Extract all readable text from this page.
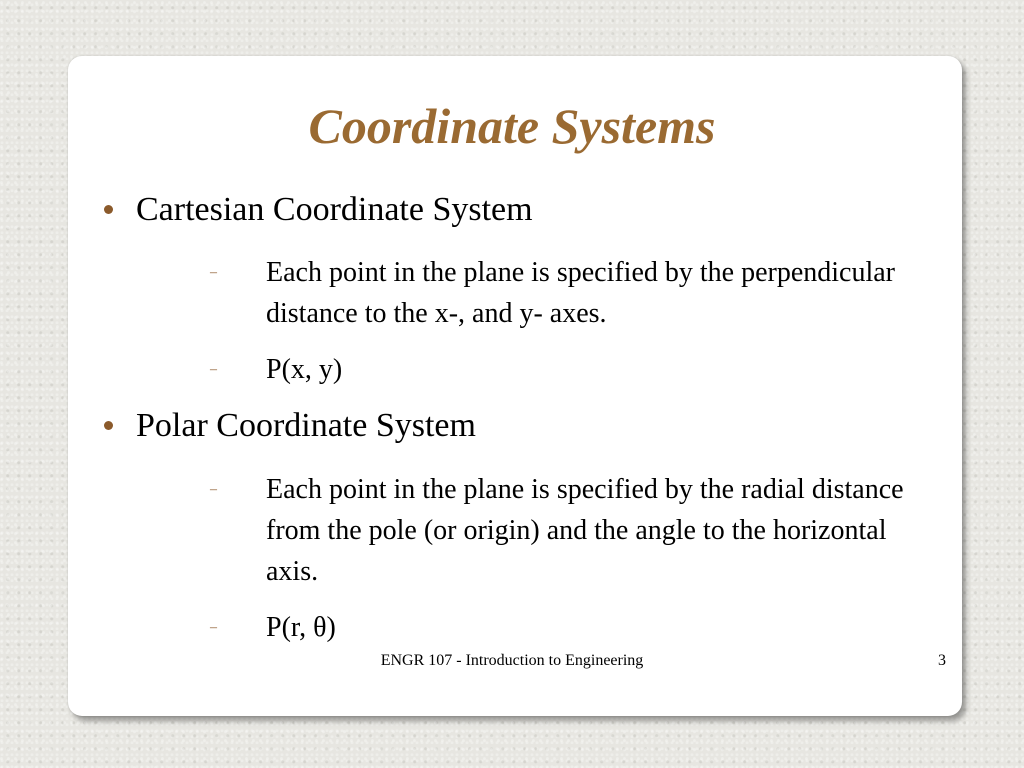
Coordinate Systems
Cartesian Coordinate System
– Each point in the plane is specified by the perpendicular distance to the x-, and y- axes.
– P(x, y)
Polar Coordinate System
– Each point in the plane is specified by the radial distance from the pole (or origin) and the angle to the horizontal axis.
– P(r, θ)
ENGR 107 - Introduction to Engineering	3
